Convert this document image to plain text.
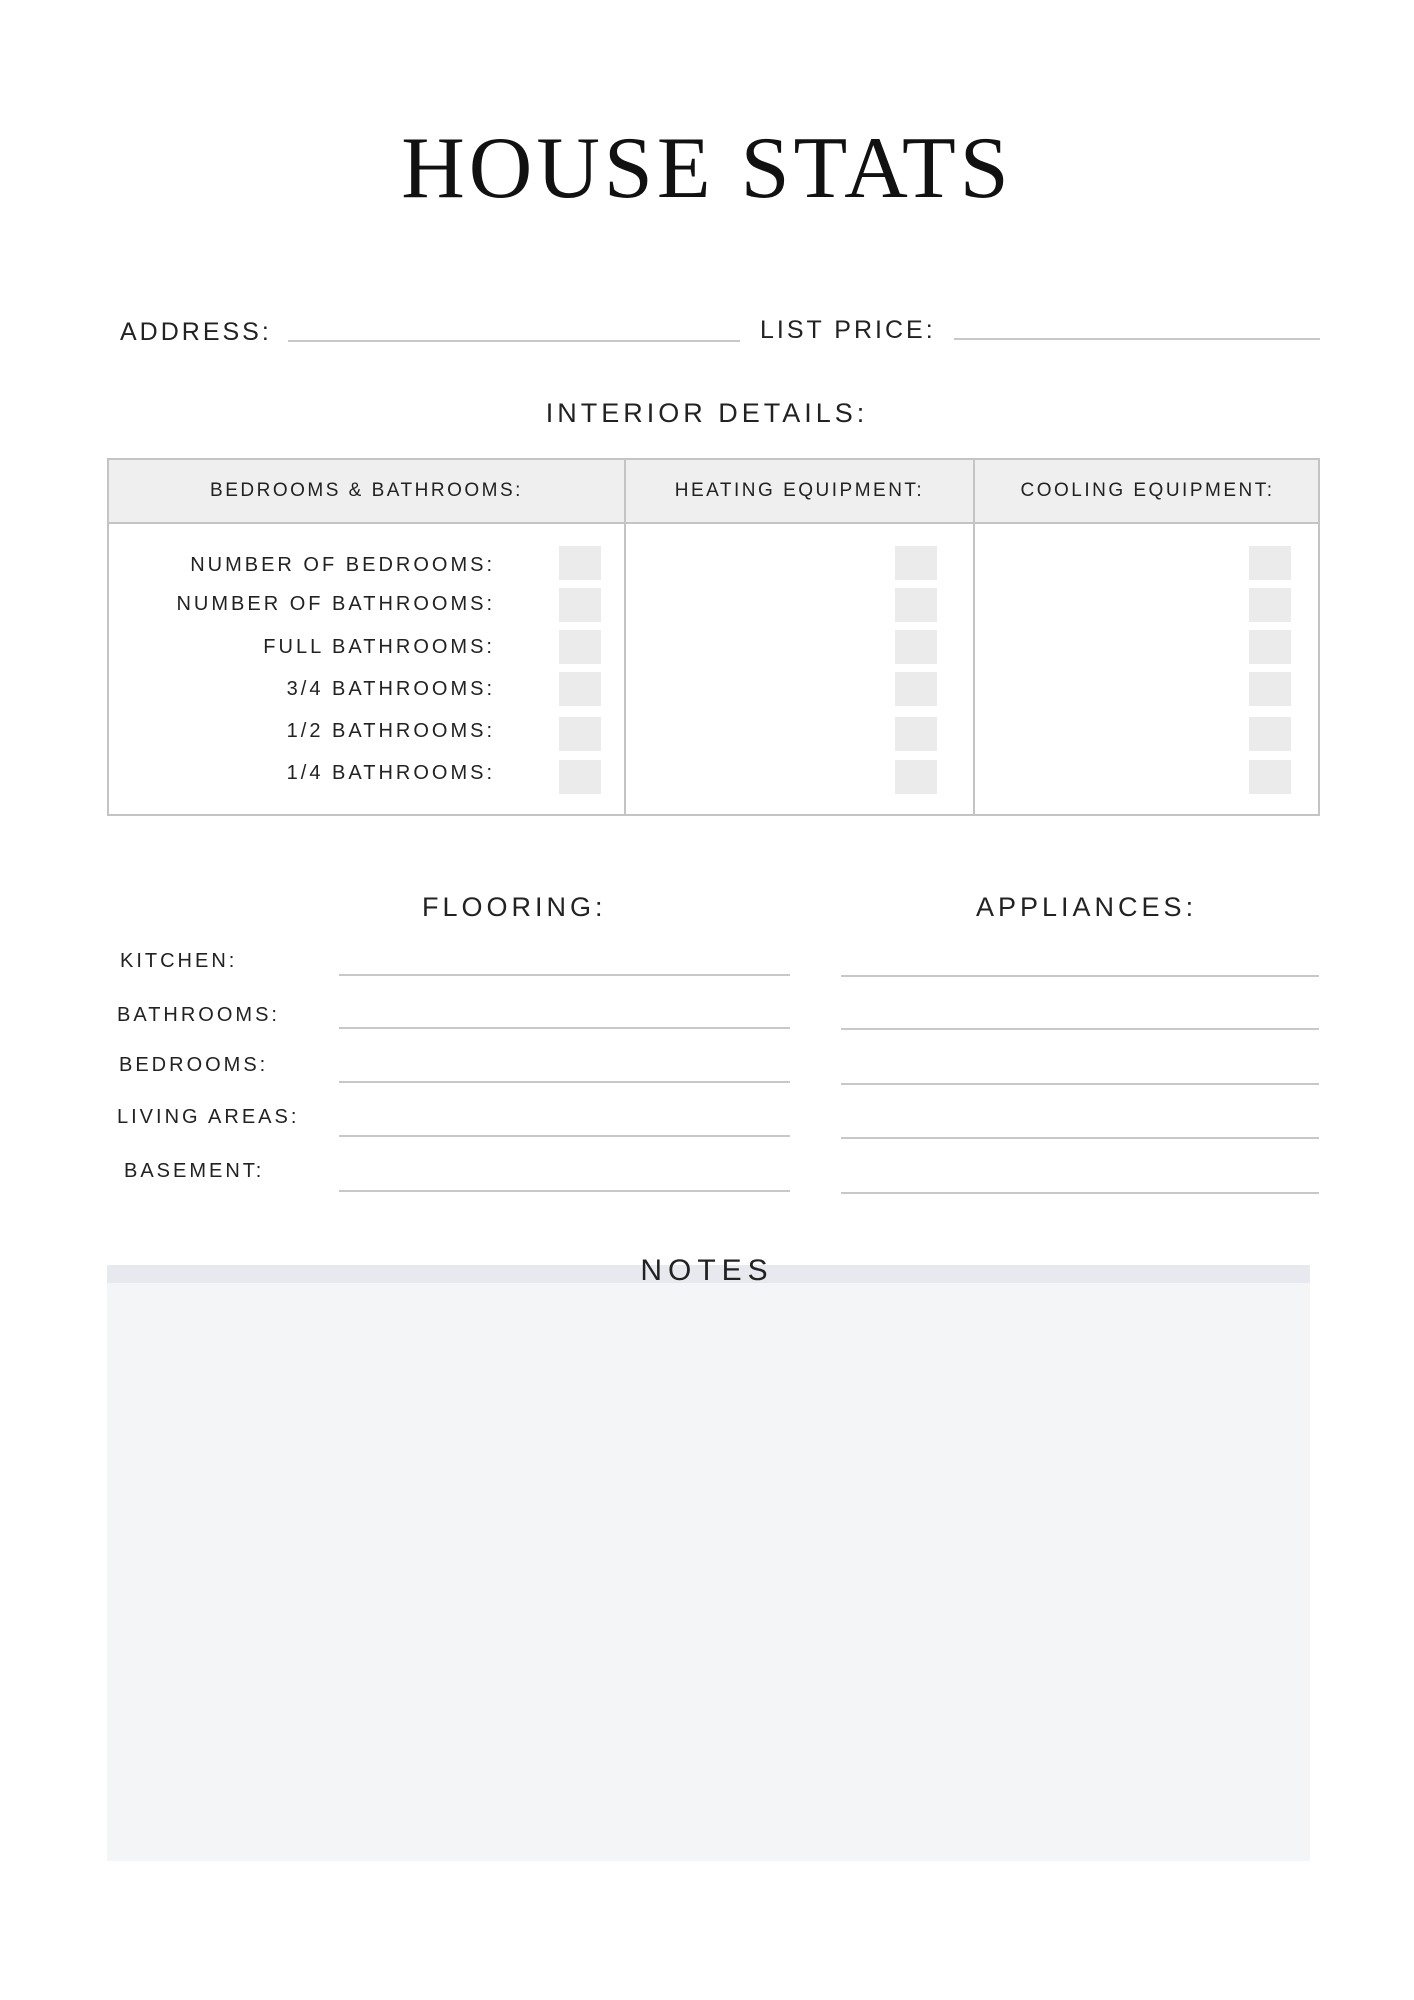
HOUSE STATS
ADDRESS:	LIST PRICE:
INTERIOR DETAILS:
BEDROOMS & BATHROOMS:	HEATING EQUIPMENT:	COOLING EQUIPMENT:
NUMBER OF BEDROOMS:
NUMBER OF BATHROOMS:
FULL BATHROOMS:
3/4 BATHROOMS:
1/2 BATHROOMS:
1/4 BATHROOMS:
FLOORING:	APPLIANCES:
KITCHEN:
BATHROOMS:
BEDROOMS:
LIVING AREAS:
BASEMENT:
NOTES
